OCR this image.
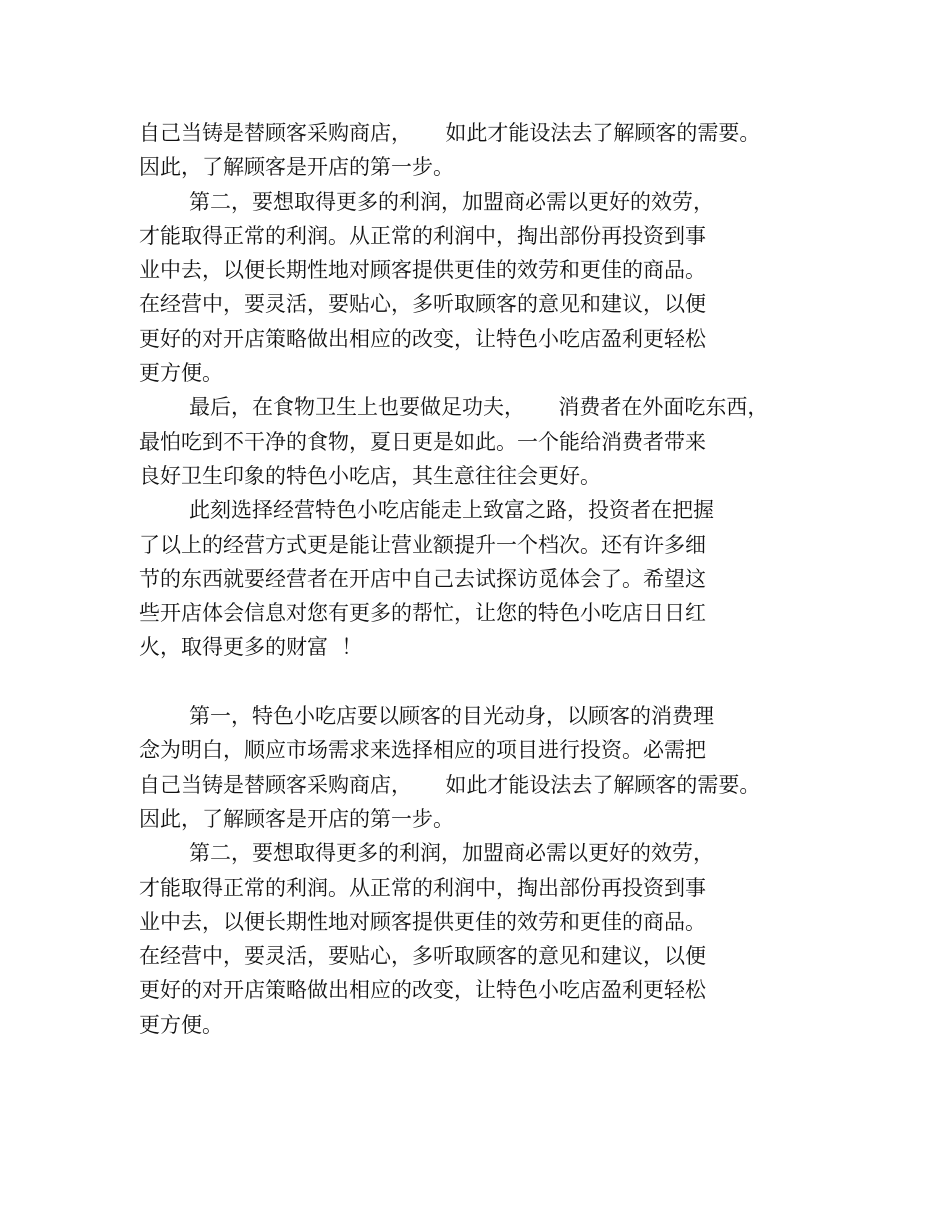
自己当铸是替顾客采购商店，     如此才能设法去了解顾客的需要。
因此，了解顾客是开店的第一步。
第二，要想取得更多的利润，加盟商必需以更好的效劳，
才能取得正常的利润。从正常的利润中，掏出部份再投资到事
业中去，以便长期性地对顾客提供更佳的效劳和更佳的商品。
在经营中，要灵活，要贴心，多听取顾客的意见和建议，以便
更好的对开店策略做出相应的改变，让特色小吃店盈利更轻松
更方便。
最后，在食物卫生上也要做足功夫，     消费者在外面吃东西，
最怕吃到不干净的食物，夏日更是如此。一个能给消费者带来
良好卫生印象的特色小吃店，其生意往往会更好。
此刻选择经营特色小吃店能走上致富之路，投资者在把握
了以上的经营方式更是能让营业额提升一个档次。还有许多细
节的东西就要经营者在开店中自己去试探访觅体会了。希望这
些开店体会信息对您有更多的帮忙，让您的特色小吃店日日红
火，取得更多的财富  ！
第一，特色小吃店要以顾客的目光动身，以顾客的消费理
念为明白，顺应市场需求来选择相应的项目进行投资。必需把
自己当铸是替顾客采购商店，     如此才能设法去了解顾客的需要。
因此，了解顾客是开店的第一步。
第二，要想取得更多的利润，加盟商必需以更好的效劳，
才能取得正常的利润。从正常的利润中，掏出部份再投资到事
业中去，以便长期性地对顾客提供更佳的效劳和更佳的商品。
在经营中，要灵活，要贴心，多听取顾客的意见和建议，以便
更好的对开店策略做出相应的改变，让特色小吃店盈利更轻松
更方便。
